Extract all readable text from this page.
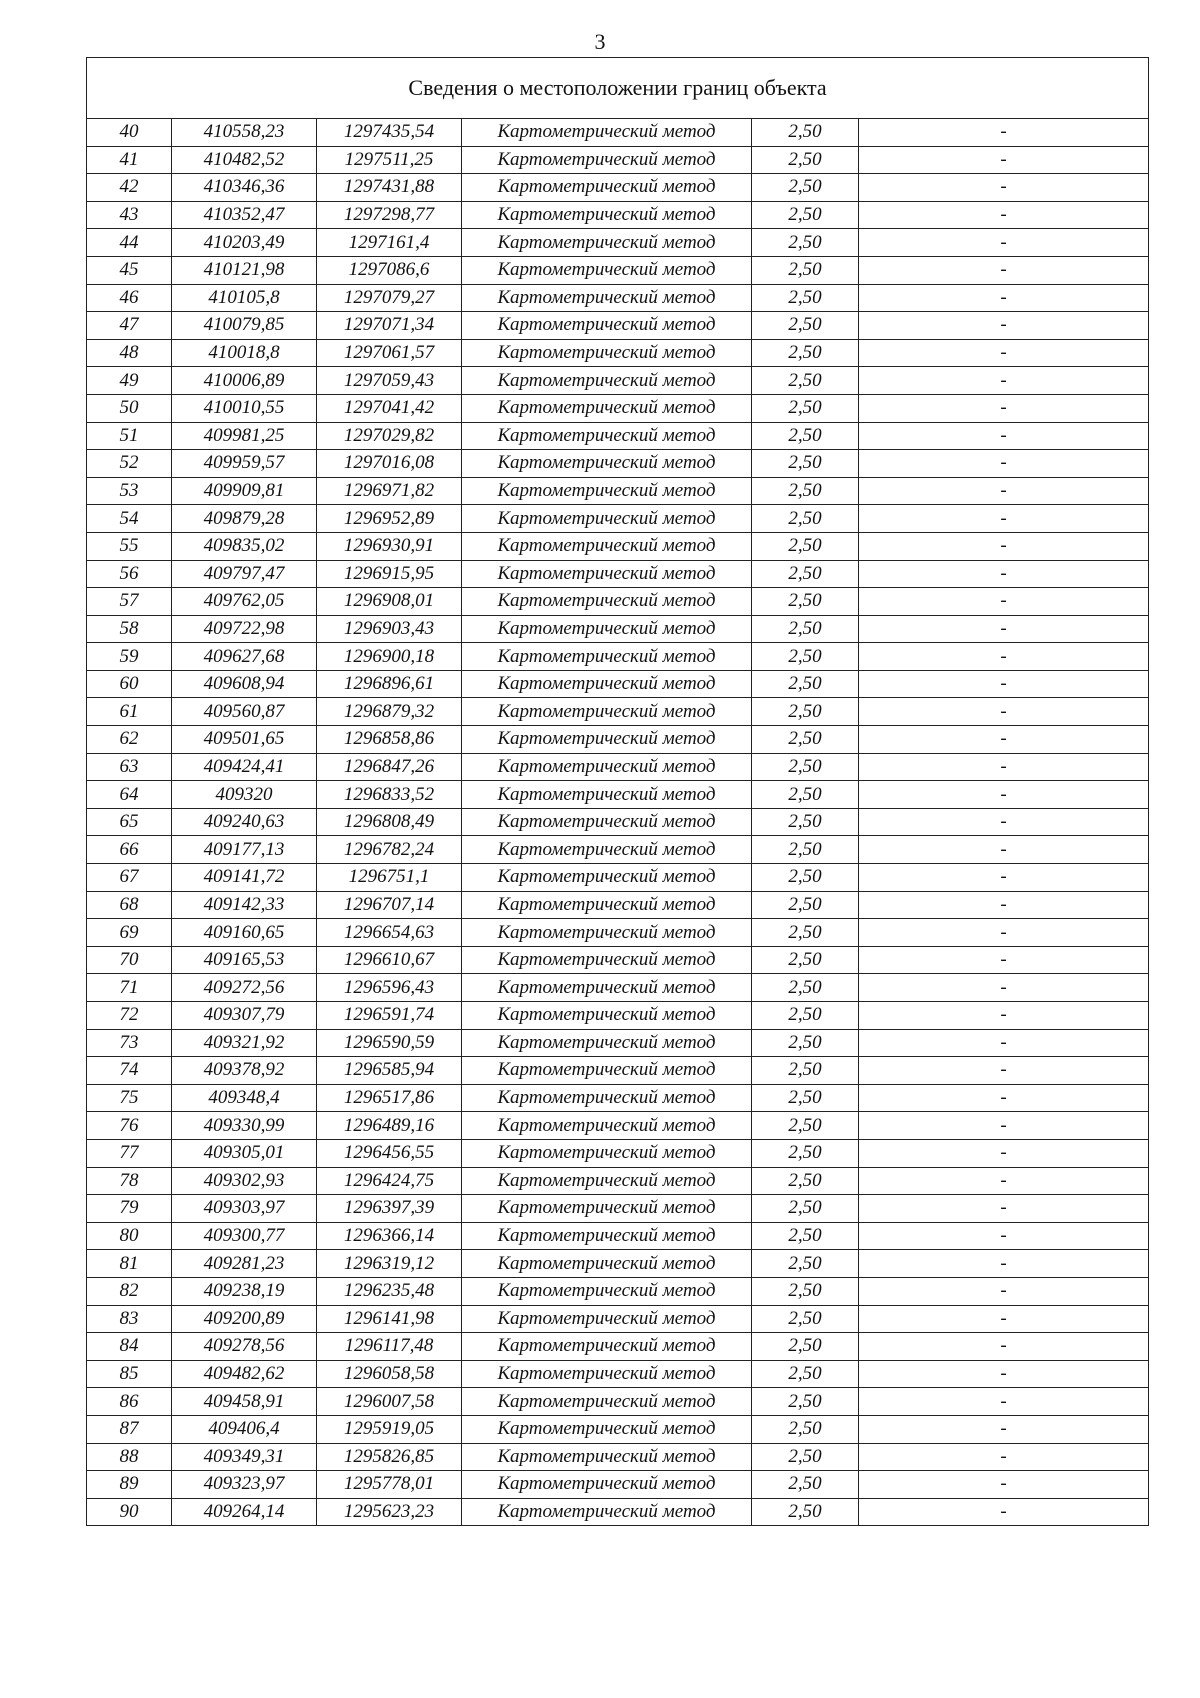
3
Сведения о местоположении границ объекта					
40	410558,23	1297435,54	Картометрический метод	2,50	-
41	410482,52	1297511,25	Картометрический метод	2,50	-
42	410346,36	1297431,88	Картометрический метод	2,50	-
43	410352,47	1297298,77	Картометрический метод	2,50	-
44	410203,49	1297161,4	Картометрический метод	2,50	-
45	410121,98	1297086,6	Картометрический метод	2,50	-
46	410105,8	1297079,27	Картометрический метод	2,50	-
47	410079,85	1297071,34	Картометрический метод	2,50	-
48	410018,8	1297061,57	Картометрический метод	2,50	-
49	410006,89	1297059,43	Картометрический метод	2,50	-
50	410010,55	1297041,42	Картометрический метод	2,50	-
51	409981,25	1297029,82	Картометрический метод	2,50	-
52	409959,57	1297016,08	Картометрический метод	2,50	-
53	409909,81	1296971,82	Картометрический метод	2,50	-
54	409879,28	1296952,89	Картометрический метод	2,50	-
55	409835,02	1296930,91	Картометрический метод	2,50	-
56	409797,47	1296915,95	Картометрический метод	2,50	-
57	409762,05	1296908,01	Картометрический метод	2,50	-
58	409722,98	1296903,43	Картометрический метод	2,50	-
59	409627,68	1296900,18	Картометрический метод	2,50	-
60	409608,94	1296896,61	Картометрический метод	2,50	-
61	409560,87	1296879,32	Картометрический метод	2,50	-
62	409501,65	1296858,86	Картометрический метод	2,50	-
63	409424,41	1296847,26	Картометрический метод	2,50	-
64	409320	1296833,52	Картометрический метод	2,50	-
65	409240,63	1296808,49	Картометрический метод	2,50	-
66	409177,13	1296782,24	Картометрический метод	2,50	-
67	409141,72	1296751,1	Картометрический метод	2,50	-
68	409142,33	1296707,14	Картометрический метод	2,50	-
69	409160,65	1296654,63	Картометрический метод	2,50	-
70	409165,53	1296610,67	Картометрический метод	2,50	-
71	409272,56	1296596,43	Картометрический метод	2,50	-
72	409307,79	1296591,74	Картометрический метод	2,50	-
73	409321,92	1296590,59	Картометрический метод	2,50	-
74	409378,92	1296585,94	Картометрический метод	2,50	-
75	409348,4	1296517,86	Картометрический метод	2,50	-
76	409330,99	1296489,16	Картометрический метод	2,50	-
77	409305,01	1296456,55	Картометрический метод	2,50	-
78	409302,93	1296424,75	Картометрический метод	2,50	-
79	409303,97	1296397,39	Картометрический метод	2,50	-
80	409300,77	1296366,14	Картометрический метод	2,50	-
81	409281,23	1296319,12	Картометрический метод	2,50	-
82	409238,19	1296235,48	Картометрический метод	2,50	-
83	409200,89	1296141,98	Картометрический метод	2,50	-
84	409278,56	1296117,48	Картометрический метод	2,50	-
85	409482,62	1296058,58	Картометрический метод	2,50	-
86	409458,91	1296007,58	Картометрический метод	2,50	-
87	409406,4	1295919,05	Картометрический метод	2,50	-
88	409349,31	1295826,85	Картометрический метод	2,50	-
89	409323,97	1295778,01	Картометрический метод	2,50	-
90	409264,14	1295623,23	Картометрический метод	2,50	-
